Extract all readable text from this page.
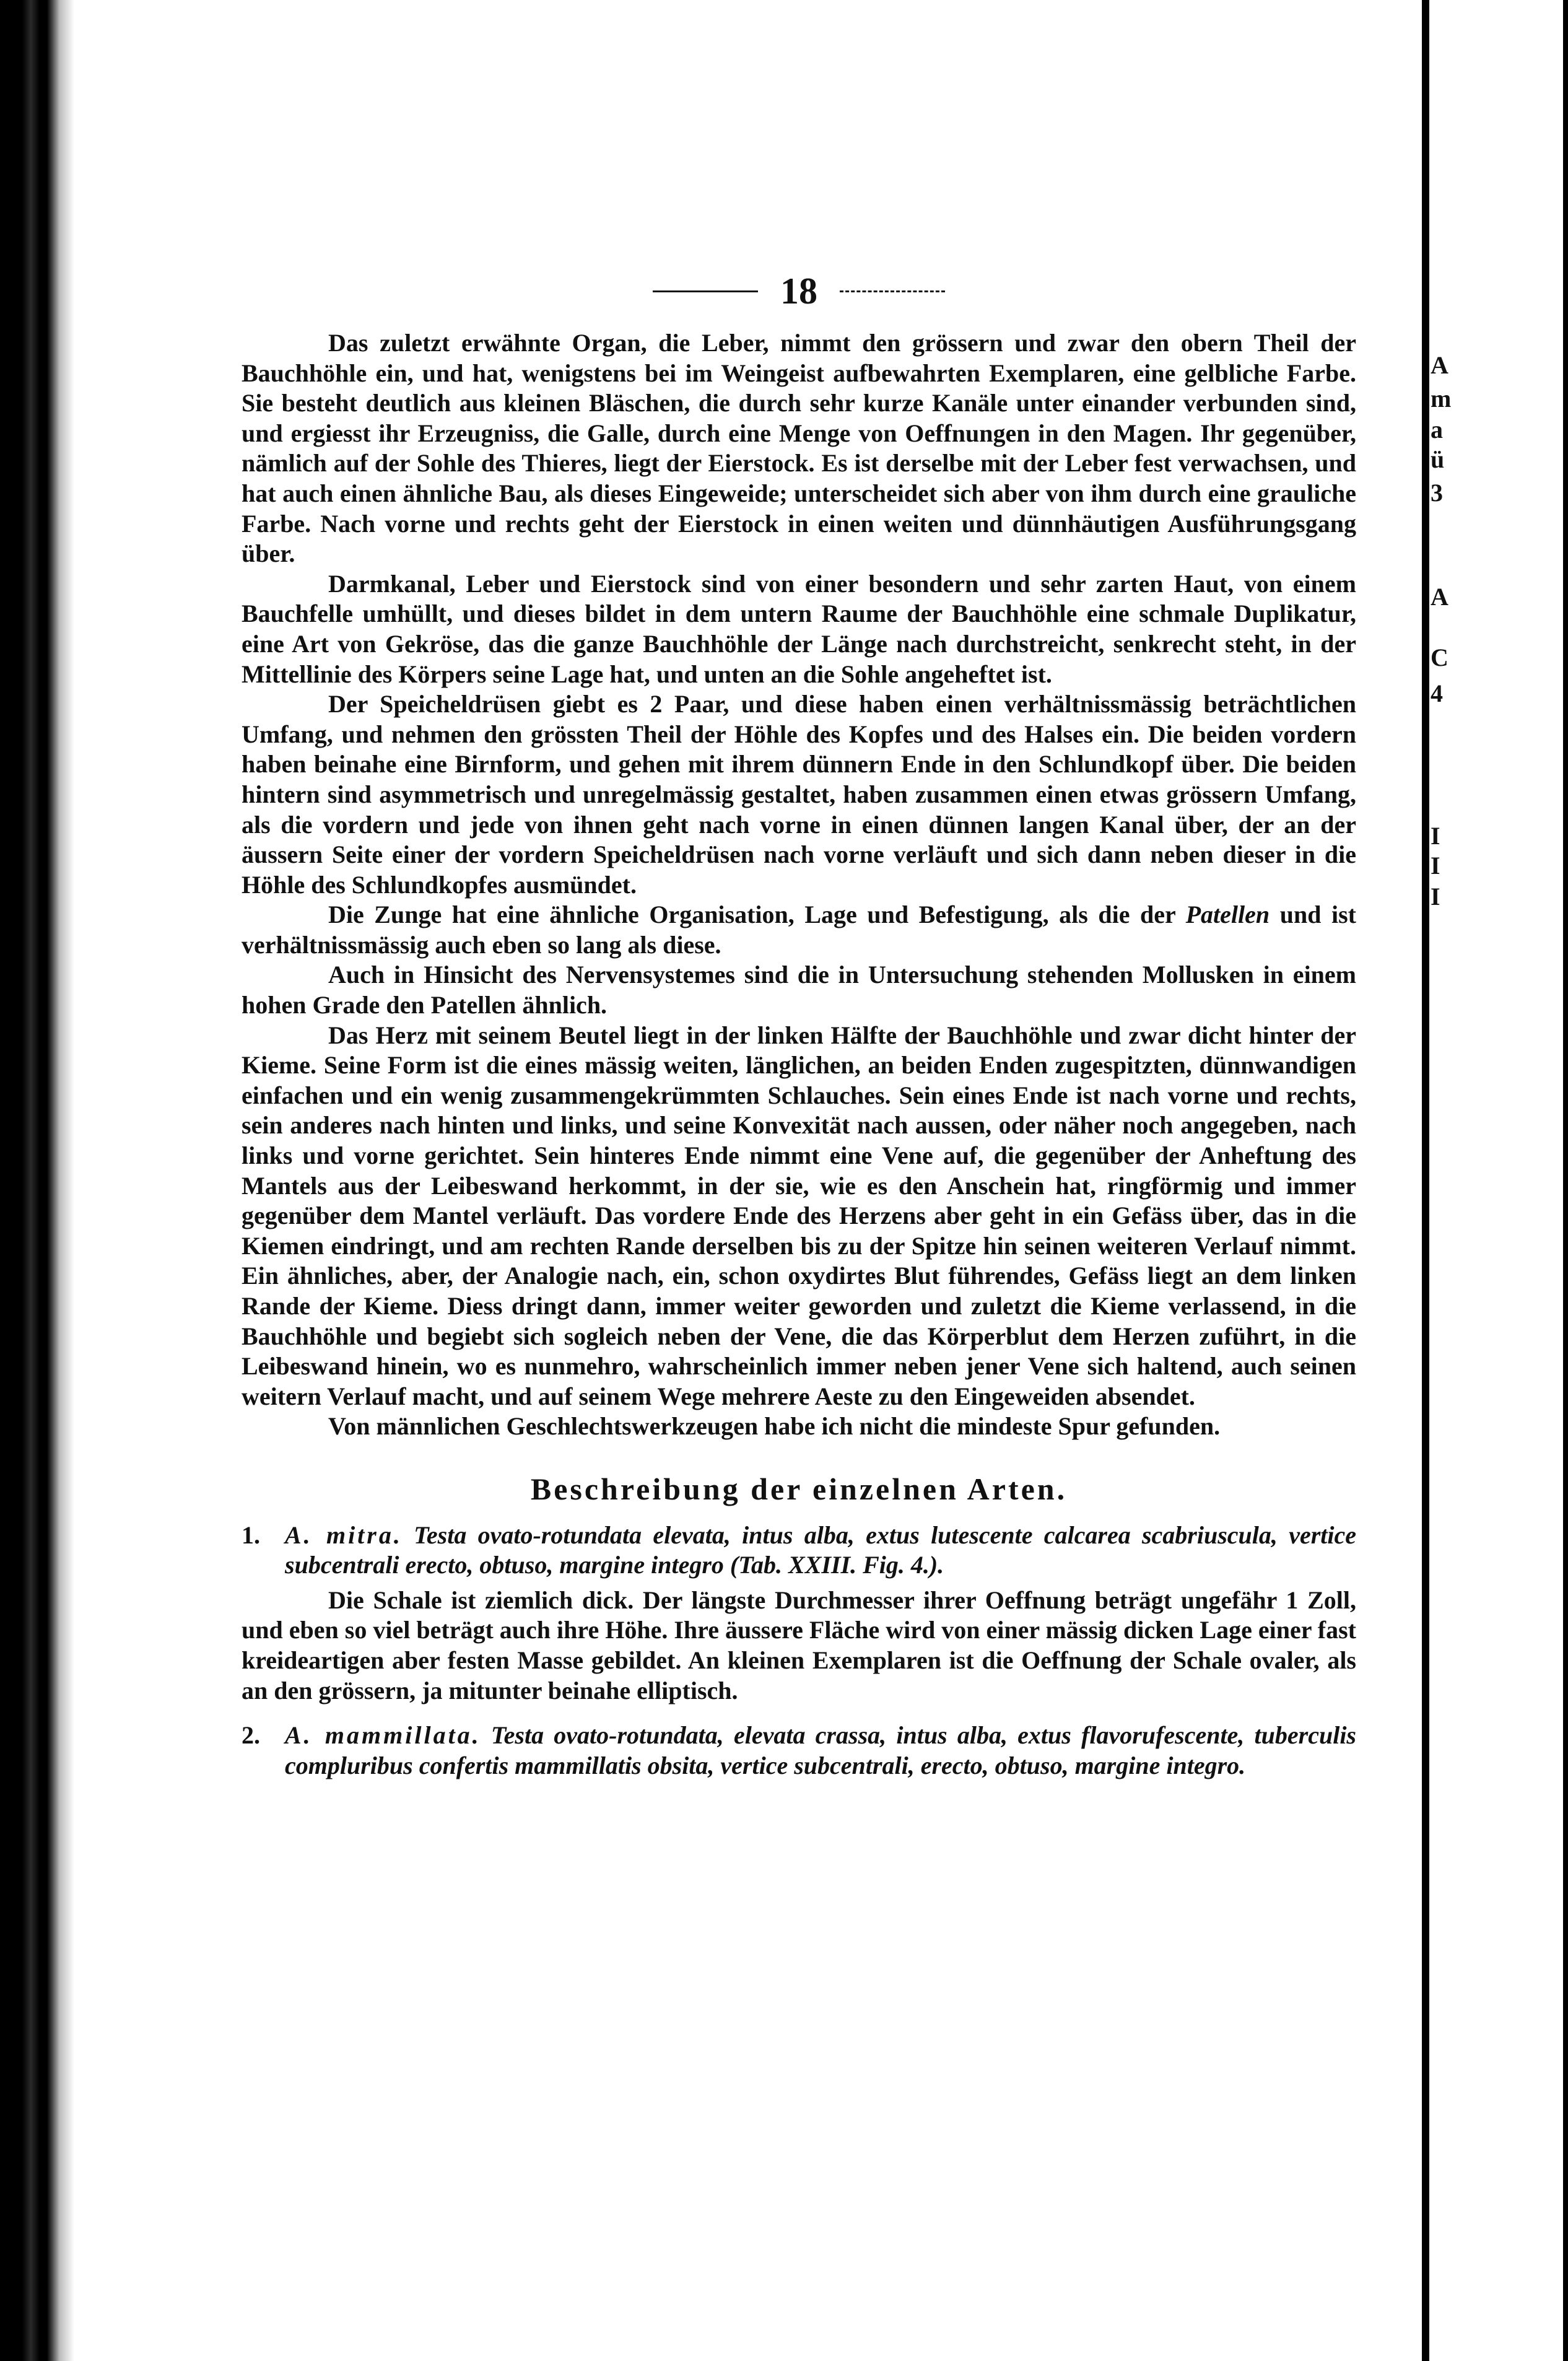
A
m
a
ü
3
A
C
4
I
I
I
18

Das zuletzt erwähnte Organ, die Leber, nimmt den grössern und zwar den obern Theil der Bauchhöhle ein, und hat, wenigstens bei im Weingeist aufbewahrten Exemplaren, eine gelbliche Farbe. Sie besteht deutlich aus kleinen Bläschen, die durch sehr kurze Kanäle unter einander verbunden sind, und ergiesst ihr Erzeugniss, die Galle, durch eine Menge von Oeffnungen in den Magen. Ihr gegenüber, nämlich auf der Sohle des Thieres, liegt der Eierstock. Es ist derselbe mit der Leber fest verwachsen, und hat auch einen ähnliche Bau, als dieses Eingeweide; unterscheidet sich aber von ihm durch eine grauliche Farbe. Nach vorne und rechts geht der Eierstock in einen weiten und dünnhäutigen Ausführungsgang über.

Darmkanal, Leber und Eierstock sind von einer besondern und sehr zarten Haut, von einem Bauchfelle umhüllt, und dieses bildet in dem untern Raume der Bauchhöhle eine schmale Duplikatur, eine Art von Gekröse, das die ganze Bauchhöhle der Länge nach durchstreicht, senkrecht steht, in der Mittellinie des Körpers seine Lage hat, und unten an die Sohle angeheftet ist.

Der Speicheldrüsen giebt es 2 Paar, und diese haben einen verhältnissmässig beträchtlichen Umfang, und nehmen den grössten Theil der Höhle des Kopfes und des Halses ein. Die beiden vordern haben beinahe eine Birnform, und gehen mit ihrem dünnern Ende in den Schlundkopf über. Die beiden hintern sind asymmetrisch und unregelmässig gestaltet, haben zusammen einen etwas grössern Umfang, als die vordern und jede von ihnen geht nach vorne in einen dünnen langen Kanal über, der an der äussern Seite einer der vordern Speicheldrüsen nach vorne verläuft und sich dann neben dieser in die Höhle des Schlundkopfes ausmündet.

Die Zunge hat eine ähnliche Organisation, Lage und Befestigung, als die der Patellen und ist verhältnissmässig auch eben so lang als diese.

Auch in Hinsicht des Nervensystemes sind die in Untersuchung stehenden Mollusken in einem hohen Grade den Patellen ähnlich.

Das Herz mit seinem Beutel liegt in der linken Hälfte der Bauchhöhle und zwar dicht hinter der Kieme. Seine Form ist die eines mässig weiten, länglichen, an beiden Enden zugespitzten, dünnwandigen einfachen und ein wenig zusammengekrümmten Schlauches. Sein eines Ende ist nach vorne und rechts, sein anderes nach hinten und links, und seine Konvexität nach aussen, oder näher noch angegeben, nach links und vorne gerichtet. Sein hinteres Ende nimmt eine Vene auf, die gegenüber der Anheftung des Mantels aus der Leibeswand herkommt, in der sie, wie es den Anschein hat, ringförmig und immer gegenüber dem Mantel verläuft. Das vordere Ende des Herzens aber geht in ein Gefäss über, das in die Kiemen eindringt, und am rechten Rande derselben bis zu der Spitze hin seinen weiteren Verlauf nimmt. Ein ähnliches, aber, der Analogie nach, ein, schon oxydirtes Blut führendes, Gefäss liegt an dem linken Rande der Kieme. Diess dringt dann, immer weiter geworden und zuletzt die Kieme verlassend, in die Bauchhöhle und begiebt sich sogleich neben der Vene, die das Körperblut dem Herzen zuführt, in die Leibeswand hinein, wo es nunmehro, wahrscheinlich immer neben jener Vene sich haltend, auch seinen weitern Verlauf macht, und auf seinem Wege mehrere Aeste zu den Eingeweiden absendet.

Von männlichen Geschlechtswerkzeugen habe ich nicht die mindeste Spur gefunden.

Beschreibung der einzelnen Arten.
1.	A. mitra. Testa ovato-rotundata elevata, intus alba, extus lutescente calcarea scabriuscula, vertice subcentrali erecto, obtuso, margine integro (Tab. XXIII. Fig. 4.).

Die Schale ist ziemlich dick. Der längste Durchmesser ihrer Oeffnung beträgt ungefähr 1 Zoll, und eben so viel beträgt auch ihre Höhe. Ihre äussere Fläche wird von einer mässig dicken Lage einer fast kreideartigen aber festen Masse gebildet. An kleinen Exemplaren ist die Oeffnung der Schale ovaler, als an den grössern, ja mitunter beinahe elliptisch.

2.	A. mammillata. Testa ovato-rotundata, elevata crassa, intus alba, extus flavorufescente, tuberculis compluribus confertis mammillatis obsita, vertice subcentrali, erecto, obtuso, margine integro.
